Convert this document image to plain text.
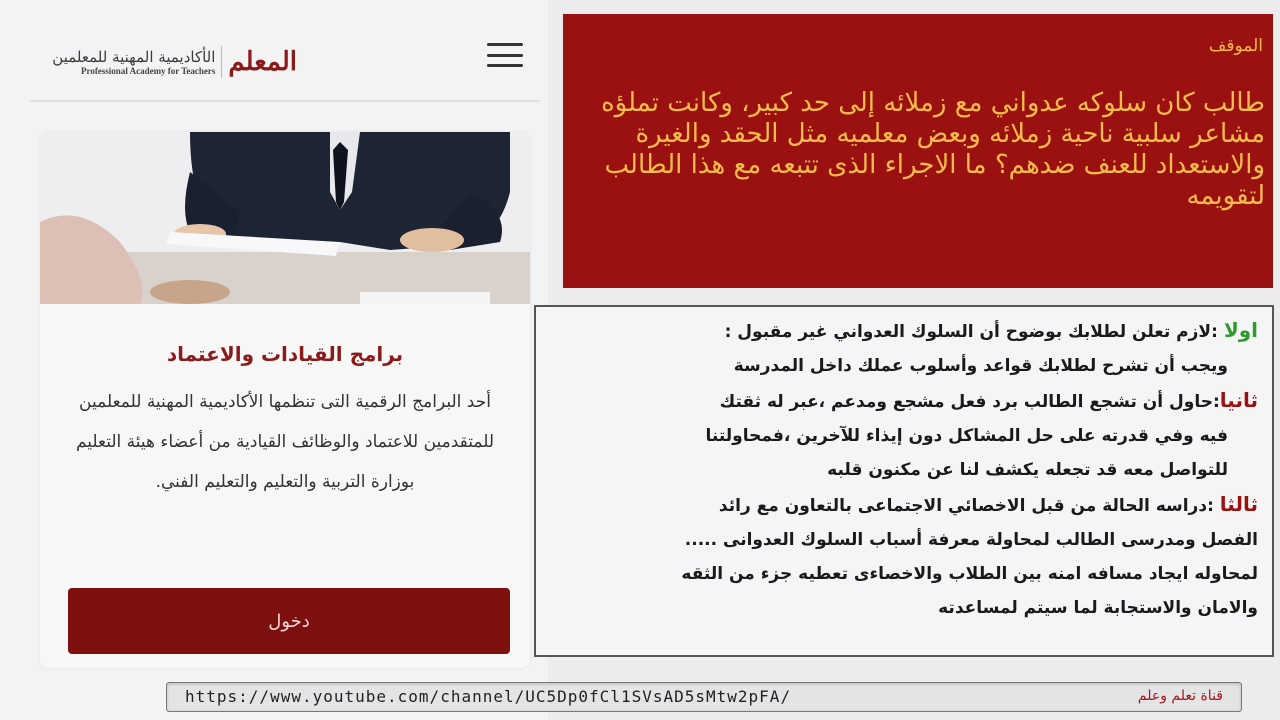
الأكاديمية المهنية للمعلمين
Professional Academy for Teachers المعلم
برامج القيادات والاعتماد

أحد البرامج الرقمية التى تنظمها الأكاديمية المهنية للمعلمين للمتقدمين للاعتماد والوظائف القيادية من أعضاء هيئة التعليم بوزارة التربية والتعليم والتعليم الفني.

دخول
الموقف

طالب كان سلوكه عدواني مع زملائه إلى حد كبير، وكانت تملؤه مشاعر سلبية ناحية زملائه وبعض معلميه مثل الحقد والغيرة والاستعداد للعنف ضدهم؟ ما الاجراء الذى تتبعه مع هذا الطالب لتقويمه

اولا :لازم تعلن لطلابك بوضوح أن السلوك العدواني غير مقبول :

ويجب أن تشرح لطلابك قواعد وأسلوب عملك داخل المدرسة

ثانيا:حاول أن تشجع الطالب برد فعل مشجع ومدعم ،عبر له ثقتك

فيه وفي قدرته على حل المشاكل دون إيذاء للآخرين ،فمحاولتنا

للتواصل معه قد تجعله يكشف لنا عن مكنون قلبه

ثالثا :دراسه الحالة من قبل الاخصائي الاجتماعى بالتعاون مع رائد

الفصل ومدرسى الطالب لمحاولة معرفة أسباب السلوك العدوانى .....

لمحاوله ايجاد مسافه امنه بين الطلاب والاخصاءى تعطيه جزء من الثقه

والامان والاستجابة لما سيتم لمساعدته

https://www.youtube.com/channel/UC5Dp0fCl1SVsAD5sMtw2pFA/	قناة تعلم وعلم
